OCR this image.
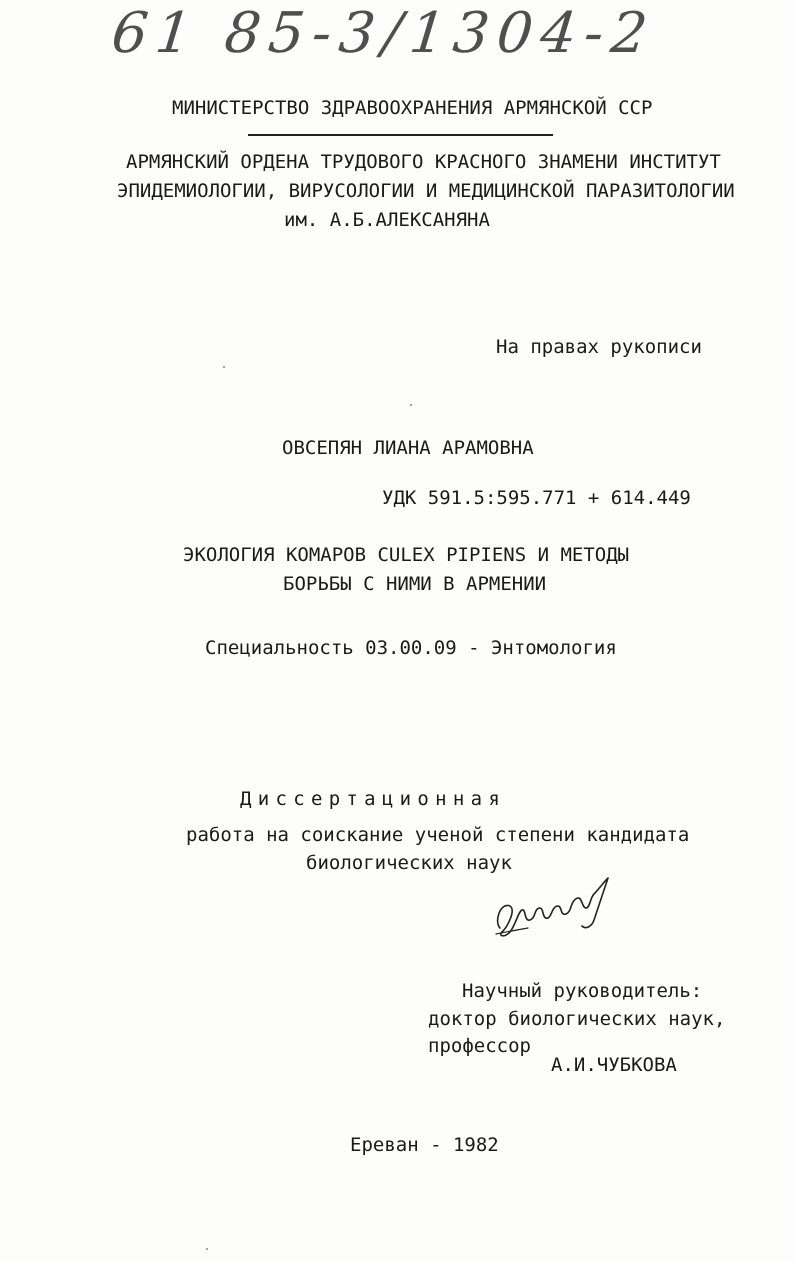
61 85-3/1304-2
МИНИСТЕРСТВО ЗДРАВООХРАНЕНИЯ АРМЯНСКОЙ ССР
АРМЯНСКИЙ ОРДЕНА ТРУДОВОГО КРАСНОГО ЗНАМЕНИ ИНСТИТУТ
ЭПИДЕМИОЛОГИИ, ВИРУСОЛОГИИ И МЕДИЦИНСКОЙ ПАРАЗИТОЛОГИИ
им. А.Б.АЛЕКСАНЯНА
На правах рукописи
ОВСЕПЯН ЛИАНА АРАМОВНА
УДК 591.5:595.771 + 614.449
ЭКОЛОГИЯ КОМАРОВ CULEX PIPIENS И МЕТОДЫ
БОРЬБЫ С НИМИ В АРМЕНИИ
Специальность 03.00.09 - Энтомология
Диссертационная
работа на соискание ученой степени кандидата
биологических наук
Научный руководитель:
доктор биологических наук,
профессор
А.И.ЧУБКОВА
Ереван - 1982
